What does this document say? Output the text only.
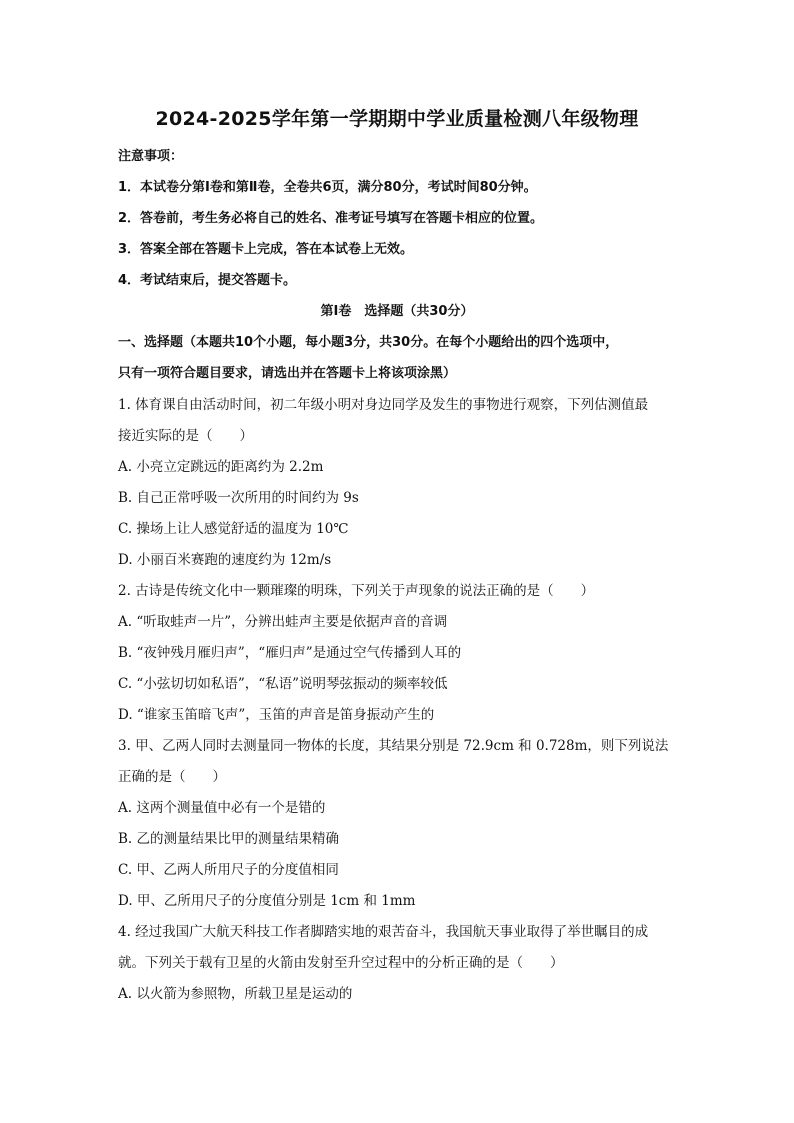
2024-2025学年第一学期期中学业质量检测八年级物理
注意事项：
1．本试卷分第Ⅰ卷和第Ⅱ卷，全卷共6页，满分80分，考试时间80分钟。
2．答卷前，考生务必将自己的姓名、准考证号填写在答题卡相应的位置。
3．答案全部在答题卡上完成，答在本试卷上无效。
4．考试结束后，提交答题卡。
第Ⅰ卷　选择题（共30分）
一、选择题（本题共10个小题，每小题3分，共30分。在每个小题给出的四个选项中，
只有一项符合题目要求，请选出并在答题卡上将该项涂黑）
1. 体育课自由活动时间，初二年级小明对身边同学及发生的事物进行观察，下列估测值最
接近实际的是（　　）
A. 小亮立定跳远的距离约为 2.2m
B. 自己正常呼吸一次所用的时间约为 9s
C. 操场上让人感觉舒适的温度为 10℃
D. 小丽百米赛跑的速度约为 12m/s
2. 古诗是传统文化中一颗璀璨的明珠，下列关于声现象的说法正确的是（　　）
A. “听取蛙声一片”，分辨出蛙声主要是依据声音的音调
B. “夜钟残月雁归声”，“雁归声”是通过空气传播到人耳的
C. “小弦切切如私语”，“私语”说明琴弦振动的频率较低
D. “谁家玉笛暗飞声”，玉笛的声音是笛身振动产生的
3. 甲、乙两人同时去测量同一物体的长度，其结果分别是 72.9cm 和 0.728m，则下列说法
正确的是（　　）
A. 这两个测量值中必有一个是错的
B. 乙的测量结果比甲的测量结果精确
C. 甲、乙两人所用尺子的分度值相同
D. 甲、乙所用尺子的分度值分别是 1cm 和 1mm
4. 经过我国广大航天科技工作者脚踏实地的艰苦奋斗，我国航天事业取得了举世瞩目的成
就。下列关于载有卫星的火箭由发射至升空过程中的分析正确的是（　　）
A. 以火箭为参照物，所载卫星是运动的
